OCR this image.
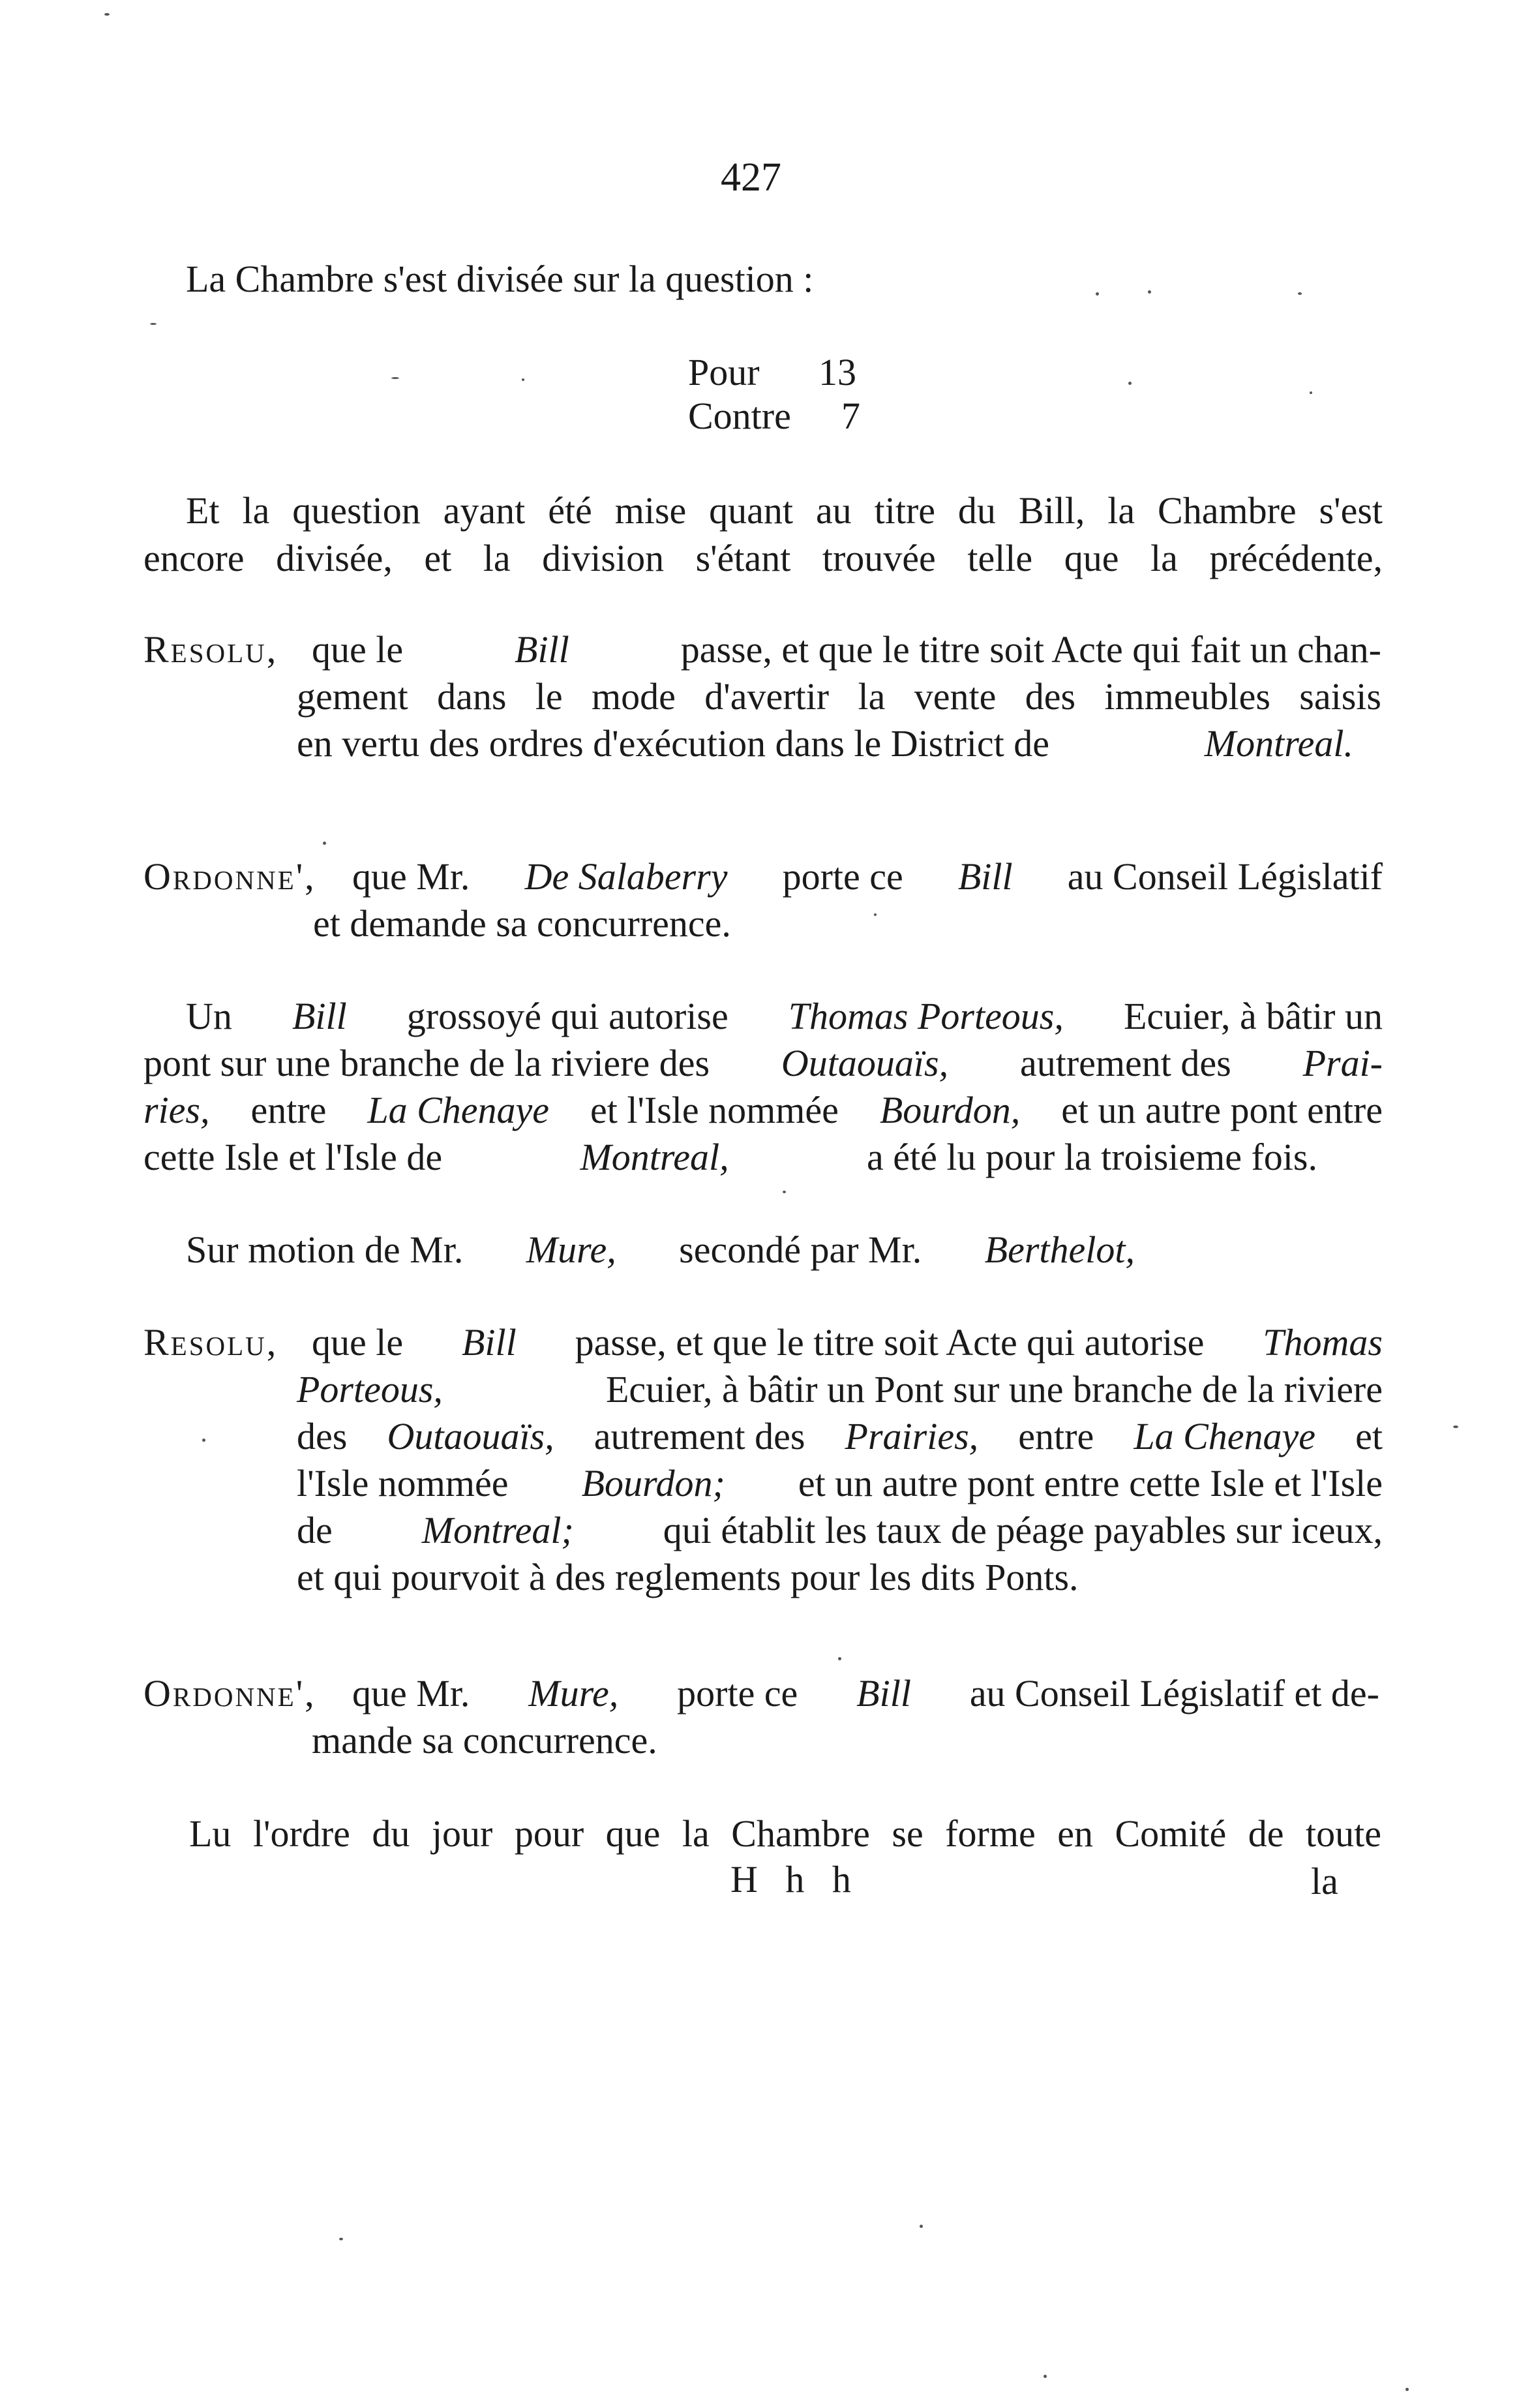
427
La Chambre s'est divisée sur la question :
Pour 13
Contre 7
Et la question ayant été mise quant au titre du Bill, la Chambre s'est
encore divisée, et la division s'étant trouvée telle que la précédente,
Resolu, que le	Bill	passe, et que le titre soit Acte qui fait un chan-
gement dans le mode d'avertir la vente des immeubles saisis
en vertu des ordres d'exécution dans le District de	Montreal.
Ordonne', que Mr. De Salaberry porte ce Bill au Conseil Législatif
et demande sa concurrence.
Un Bill grossoyé qui autorise Thomas Porteous, Ecuier, à bâtir un
pont sur une branche de la riviere des Outaouaïs, autrement des Prai-
ries, entre La Chenaye et l'Isle nommée Bourdon, et un autre pont entre
cette Isle et l'Isle de	Montreal,	a été lu pour la troisieme fois.
Sur motion de Mr. Mure, secondé par Mr. Berthelot,
Resolu, que le Bill passe, et que le titre soit Acte qui autorise Thomas
Porteous,	Ecuier, à bâtir un Pont sur une branche de la riviere
des Outaouaïs, autrement des Prairies, entre La Chenaye et
l'Isle nommée Bourdon; et un autre pont entre cette Isle et l'Isle
de Montreal; qui établit les taux de péage payables sur iceux,
et qui pourvoit à des reglements pour les dits Ponts.
Ordonne', que Mr. Mure, porte ce Bill au Conseil Législatif et de-
mande sa concurrence.
Lu l'ordre du jour pour que la Chambre se forme en Comité de toute
H h h	la
